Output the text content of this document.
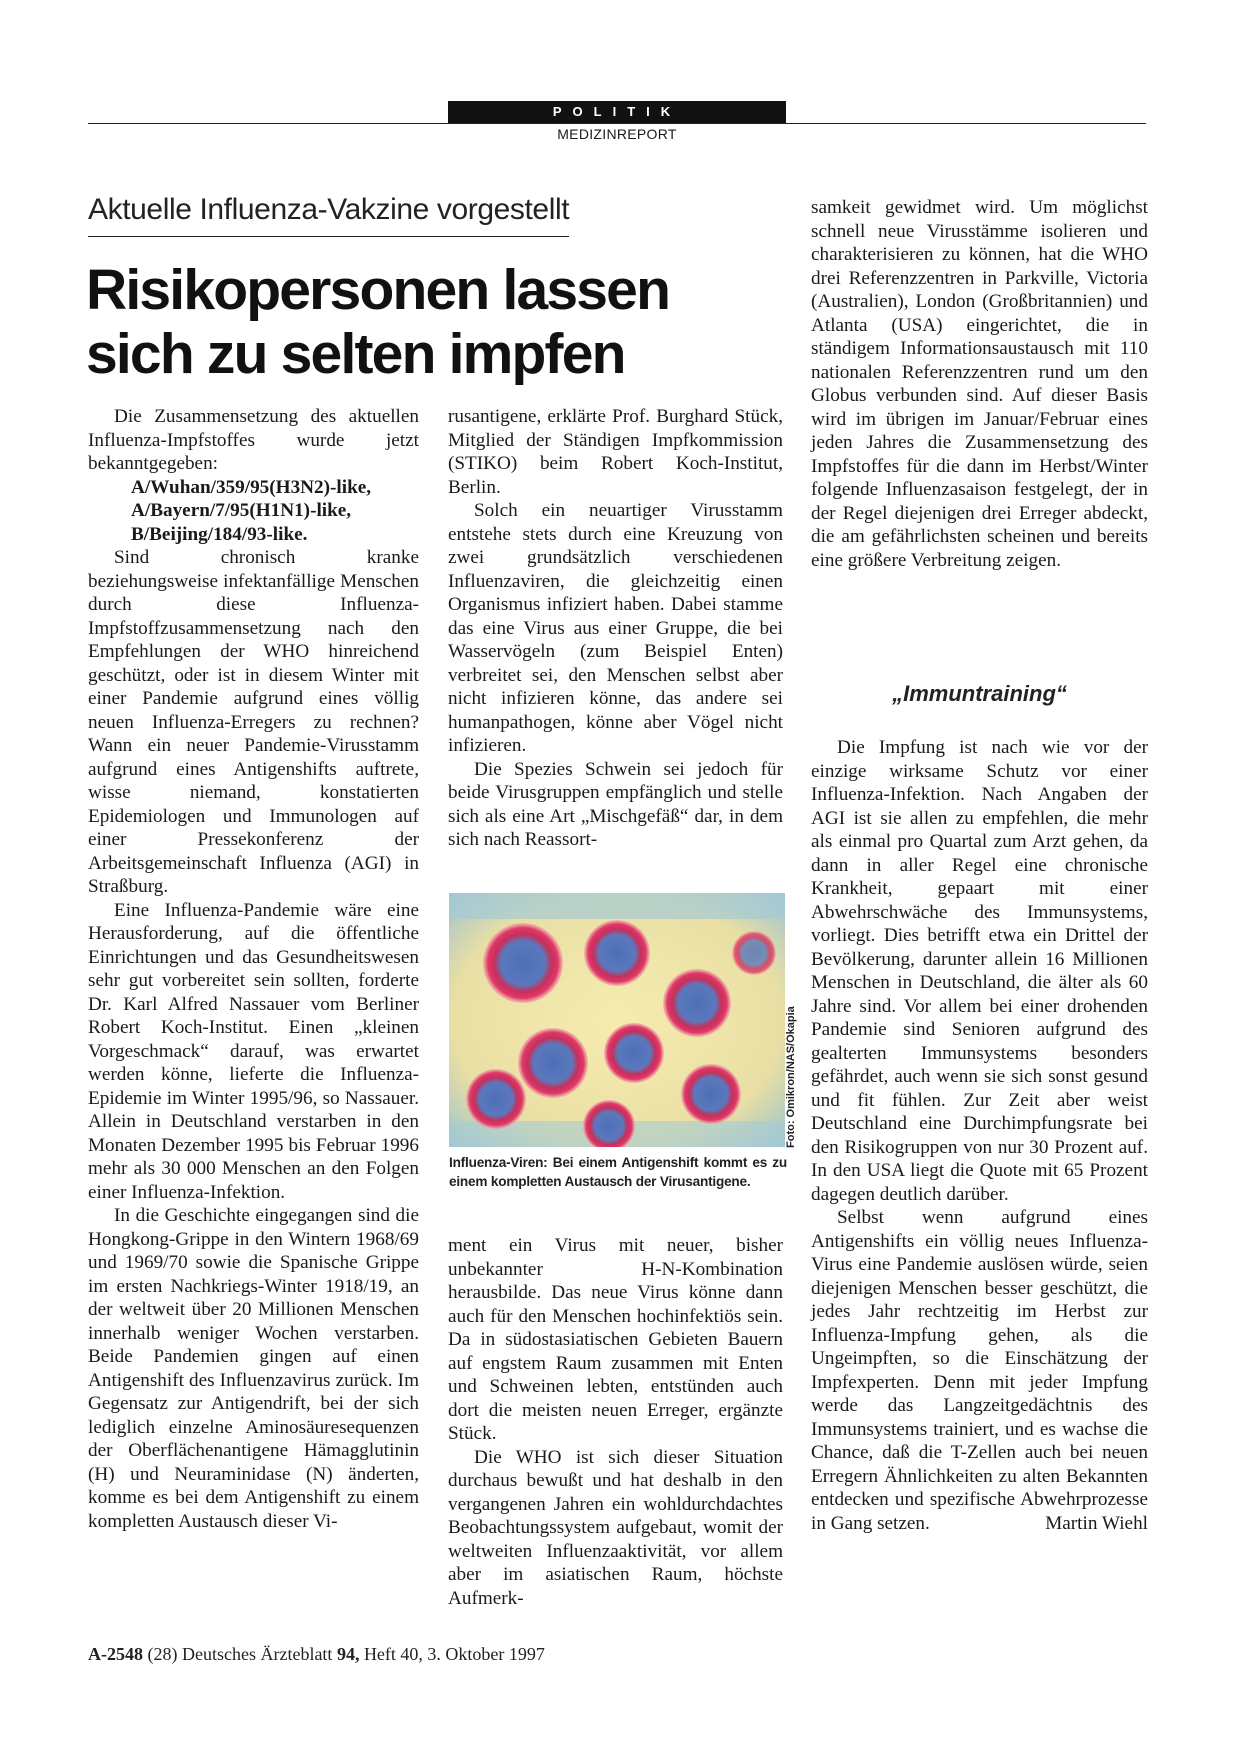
POLITIK
MEDIZINREPORT
Aktuelle Influenza-Vakzine vorgestellt
Risikopersonen lassen
sich zu selten impfen

Die Zusammensetzung des aktuellen Influenza-Impfstoffes wurde jetzt bekanntgegeben:

A/Wuhan/359/95(H3N2)-like,
A/Bayern/7/95(H1N1)-like,
B/Beijing/184/93-like.

Sind chronisch kranke beziehungsweise infektanfällige Menschen durch diese Influenza-Impfstoffzusammensetzung nach den Empfehlungen der WHO hinreichend geschützt, oder ist in diesem Winter mit einer Pandemie aufgrund eines völlig neuen Influenza-Erregers zu rechnen? Wann ein neuer Pandemie-Virusstamm aufgrund eines Antigenshifts auftrete, wisse niemand, konstatierten Epidemiologen und Immunologen auf einer Pressekonferenz der Arbeitsgemeinschaft Influenza (AGI) in Straßburg.

Eine Influenza-Pandemie wäre eine Herausforderung, auf die öffentliche Einrichtungen und das Gesundheitswesen sehr gut vorbereitet sein sollten, forderte Dr. Karl Alfred Nassauer vom Berliner Robert Koch-Institut. Einen „kleinen Vorgeschmack“ darauf, was erwartet werden könne, lieferte die Influenza-Epidemie im Winter 1995/96, so Nassauer. Allein in Deutschland verstarben in den Monaten Dezember 1995 bis Februar 1996 mehr als 30 000 Menschen an den Folgen einer Influenza-Infektion.

In die Geschichte eingegangen sind die Hongkong-Grippe in den Wintern 1968/69 und 1969/70 sowie die Spanische Grippe im ersten Nachkriegs-Winter 1918/19, an der weltweit über 20 Millionen Menschen innerhalb weniger Wochen verstarben. Beide Pandemien gingen auf einen Antigenshift des Influenzavirus zurück. Im Gegensatz zur Antigendrift, bei der sich lediglich einzelne Aminosäuresequenzen der Oberflächenantigene Hämagglutinin (H) und Neuraminidase (N) änderten, komme es bei dem Antigenshift zu einem kompletten Austausch dieser Vi-

rusantigene, erklärte Prof. Burghard Stück, Mitglied der Ständigen Impfkommission (STIKO) beim Robert Koch-Institut, Berlin.

Solch ein neuartiger Virusstamm entstehe stets durch eine Kreuzung von zwei grundsätzlich verschiedenen Influenzaviren, die gleichzeitig einen Organismus infiziert haben. Dabei stamme das eine Virus aus einer Gruppe, die bei Wasservögeln (zum Beispiel Enten) verbreitet sei, den Menschen selbst aber nicht infizieren könne, das andere sei humanpathogen, könne aber Vögel nicht infizieren.

Die Spezies Schwein sei jedoch für beide Virusgruppen empfänglich und stelle sich als eine Art „Mischgefäß“ dar, in dem sich nach Reassort-

Foto: Omikron/NAS/Okapia
Influenza-Viren: Bei einem Antigenshift kommt es zu einem kompletten Austausch der Virusantigene.

ment ein Virus mit neuer, bisher unbekannter H-N-Kombination herausbilde. Das neue Virus könne dann auch für den Menschen hochinfektiös sein. Da in südostasiatischen Gebieten Bauern auf engstem Raum zusammen mit Enten und Schweinen lebten, entstünden auch dort die meisten neuen Erreger, ergänzte Stück.

Die WHO ist sich dieser Situation durchaus bewußt und hat deshalb in den vergangenen Jahren ein wohldurchdachtes Beobachtungssystem aufgebaut, womit der weltweiten Influenzaaktivität, vor allem aber im asiatischen Raum, höchste Aufmerk-

samkeit gewidmet wird. Um möglichst schnell neue Virusstämme isolieren und charakterisieren zu können, hat die WHO drei Referenzzentren in Parkville, Victoria (Australien), London (Großbritannien) und Atlanta (USA) eingerichtet, die in ständigem Informationsaustausch mit 110 nationalen Referenzzentren rund um den Globus verbunden sind. Auf dieser Basis wird im übrigen im Januar/Februar eines jeden Jahres die Zusammensetzung des Impfstoffes für die dann im Herbst/Winter folgende Influenzasaison festgelegt, der in der Regel diejenigen drei Erreger abdeckt, die am gefährlichsten scheinen und bereits eine größere Verbreitung zeigen.

„Immuntraining“

Die Impfung ist nach wie vor der einzige wirksame Schutz vor einer Influenza-Infektion. Nach Angaben der AGI ist sie allen zu empfehlen, die mehr als einmal pro Quartal zum Arzt gehen, da dann in aller Regel eine chronische Krankheit, gepaart mit einer Abwehrschwäche des Immunsystems, vorliegt. Dies betrifft etwa ein Drittel der Bevölkerung, darunter allein 16 Millionen Menschen in Deutschland, die älter als 60 Jahre sind. Vor allem bei einer drohenden Pandemie sind Senioren aufgrund des gealterten Immunsystems besonders gefährdet, auch wenn sie sich sonst gesund und fit fühlen. Zur Zeit aber weist Deutschland eine Durchimpfungsrate bei den Risikogruppen von nur 30 Prozent auf. In den USA liegt die Quote mit 65 Prozent dagegen deutlich darüber.

Selbst wenn aufgrund eines Antigenshifts ein völlig neues Influenza-Virus eine Pandemie auslösen würde, seien diejenigen Menschen besser geschützt, die jedes Jahr rechtzeitig im Herbst zur Influenza-Impfung gehen, als die Ungeimpften, so die Einschätzung der Impfexperten. Denn mit jeder Impfung werde das Langzeitgedächtnis des Immunsystems trainiert, und es wachse die Chance, daß die T-Zellen auch bei neuen Erregern Ähnlichkeiten zu alten Bekannten entdecken und spezifische Abwehrprozesse in Gang setzen.	Martin Wiehl

A-2548 (28) Deutsches Ärzteblatt 94, Heft 40, 3. Oktober 1997
